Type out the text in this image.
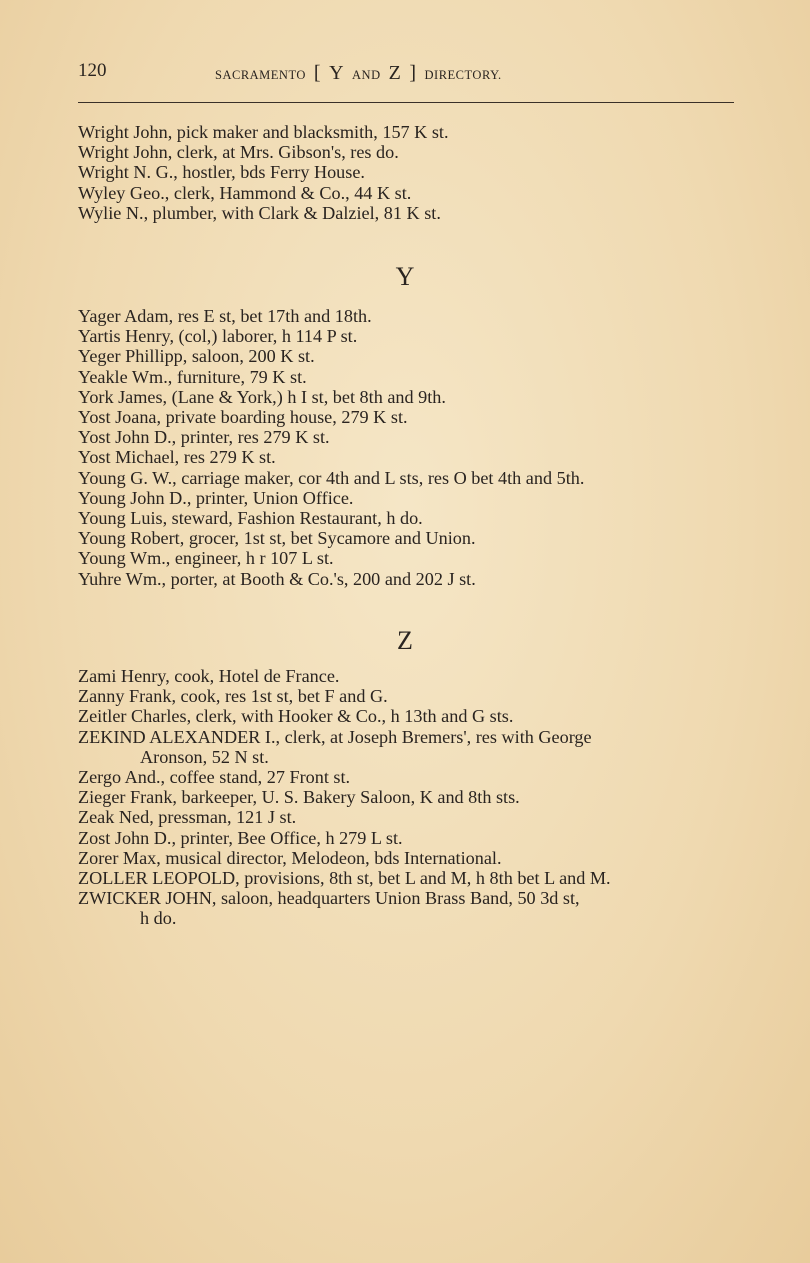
120	SACRAMENTO [ Y AND Z ] DIRECTORY.
Wright John, pick maker and blacksmith, 157 K st.
Wright John, clerk, at Mrs. Gibson's, res do.
Wright N. G., hostler, bds Ferry House.
Wyley Geo., clerk, Hammond & Co., 44 K st.
Wylie N., plumber, with Clark & Dalziel, 81 K st.
Y
Yager Adam, res E st, bet 17th and 18th.
Yartis Henry, (col,) laborer, h 114 P st.
Yeger Phillipp, saloon, 200 K st.
Yeakle Wm., furniture, 79 K st.
York James, (Lane & York,) h I st, bet 8th and 9th.
Yost Joana, private boarding house, 279 K st.
Yost John D., printer, res 279 K st.
Yost Michael, res 279 K st.
Young G. W., carriage maker, cor 4th and L sts, res O bet 4th and 5th.
Young John D., printer, Union Office.
Young Luis, steward, Fashion Restaurant, h do.
Young Robert, grocer, 1st st, bet Sycamore and Union.
Young Wm., engineer, h r 107 L st.
Yuhre Wm., porter, at Booth & Co.'s, 200 and 202 J st.
Z
Zami Henry, cook, Hotel de France.
Zanny Frank, cook, res 1st st, bet F and G.
Zeitler Charles, clerk, with Hooker & Co., h 13th and G sts.
ZEKIND ALEXANDER I., clerk, at Joseph Bremers', res with George
Aronson, 52 N st.
Zergo And., coffee stand, 27 Front st.
Zieger Frank, barkeeper, U. S. Bakery Saloon, K and 8th sts.
Zeak Ned, pressman, 121 J st.
Zost John D., printer, Bee Office, h 279 L st.
Zorer Max, musical director, Melodeon, bds International.
ZOLLER LEOPOLD, provisions, 8th st, bet L and M, h 8th bet L and M.
ZWICKER JOHN, saloon, headquarters Union Brass Band, 50 3d st,
h do.
